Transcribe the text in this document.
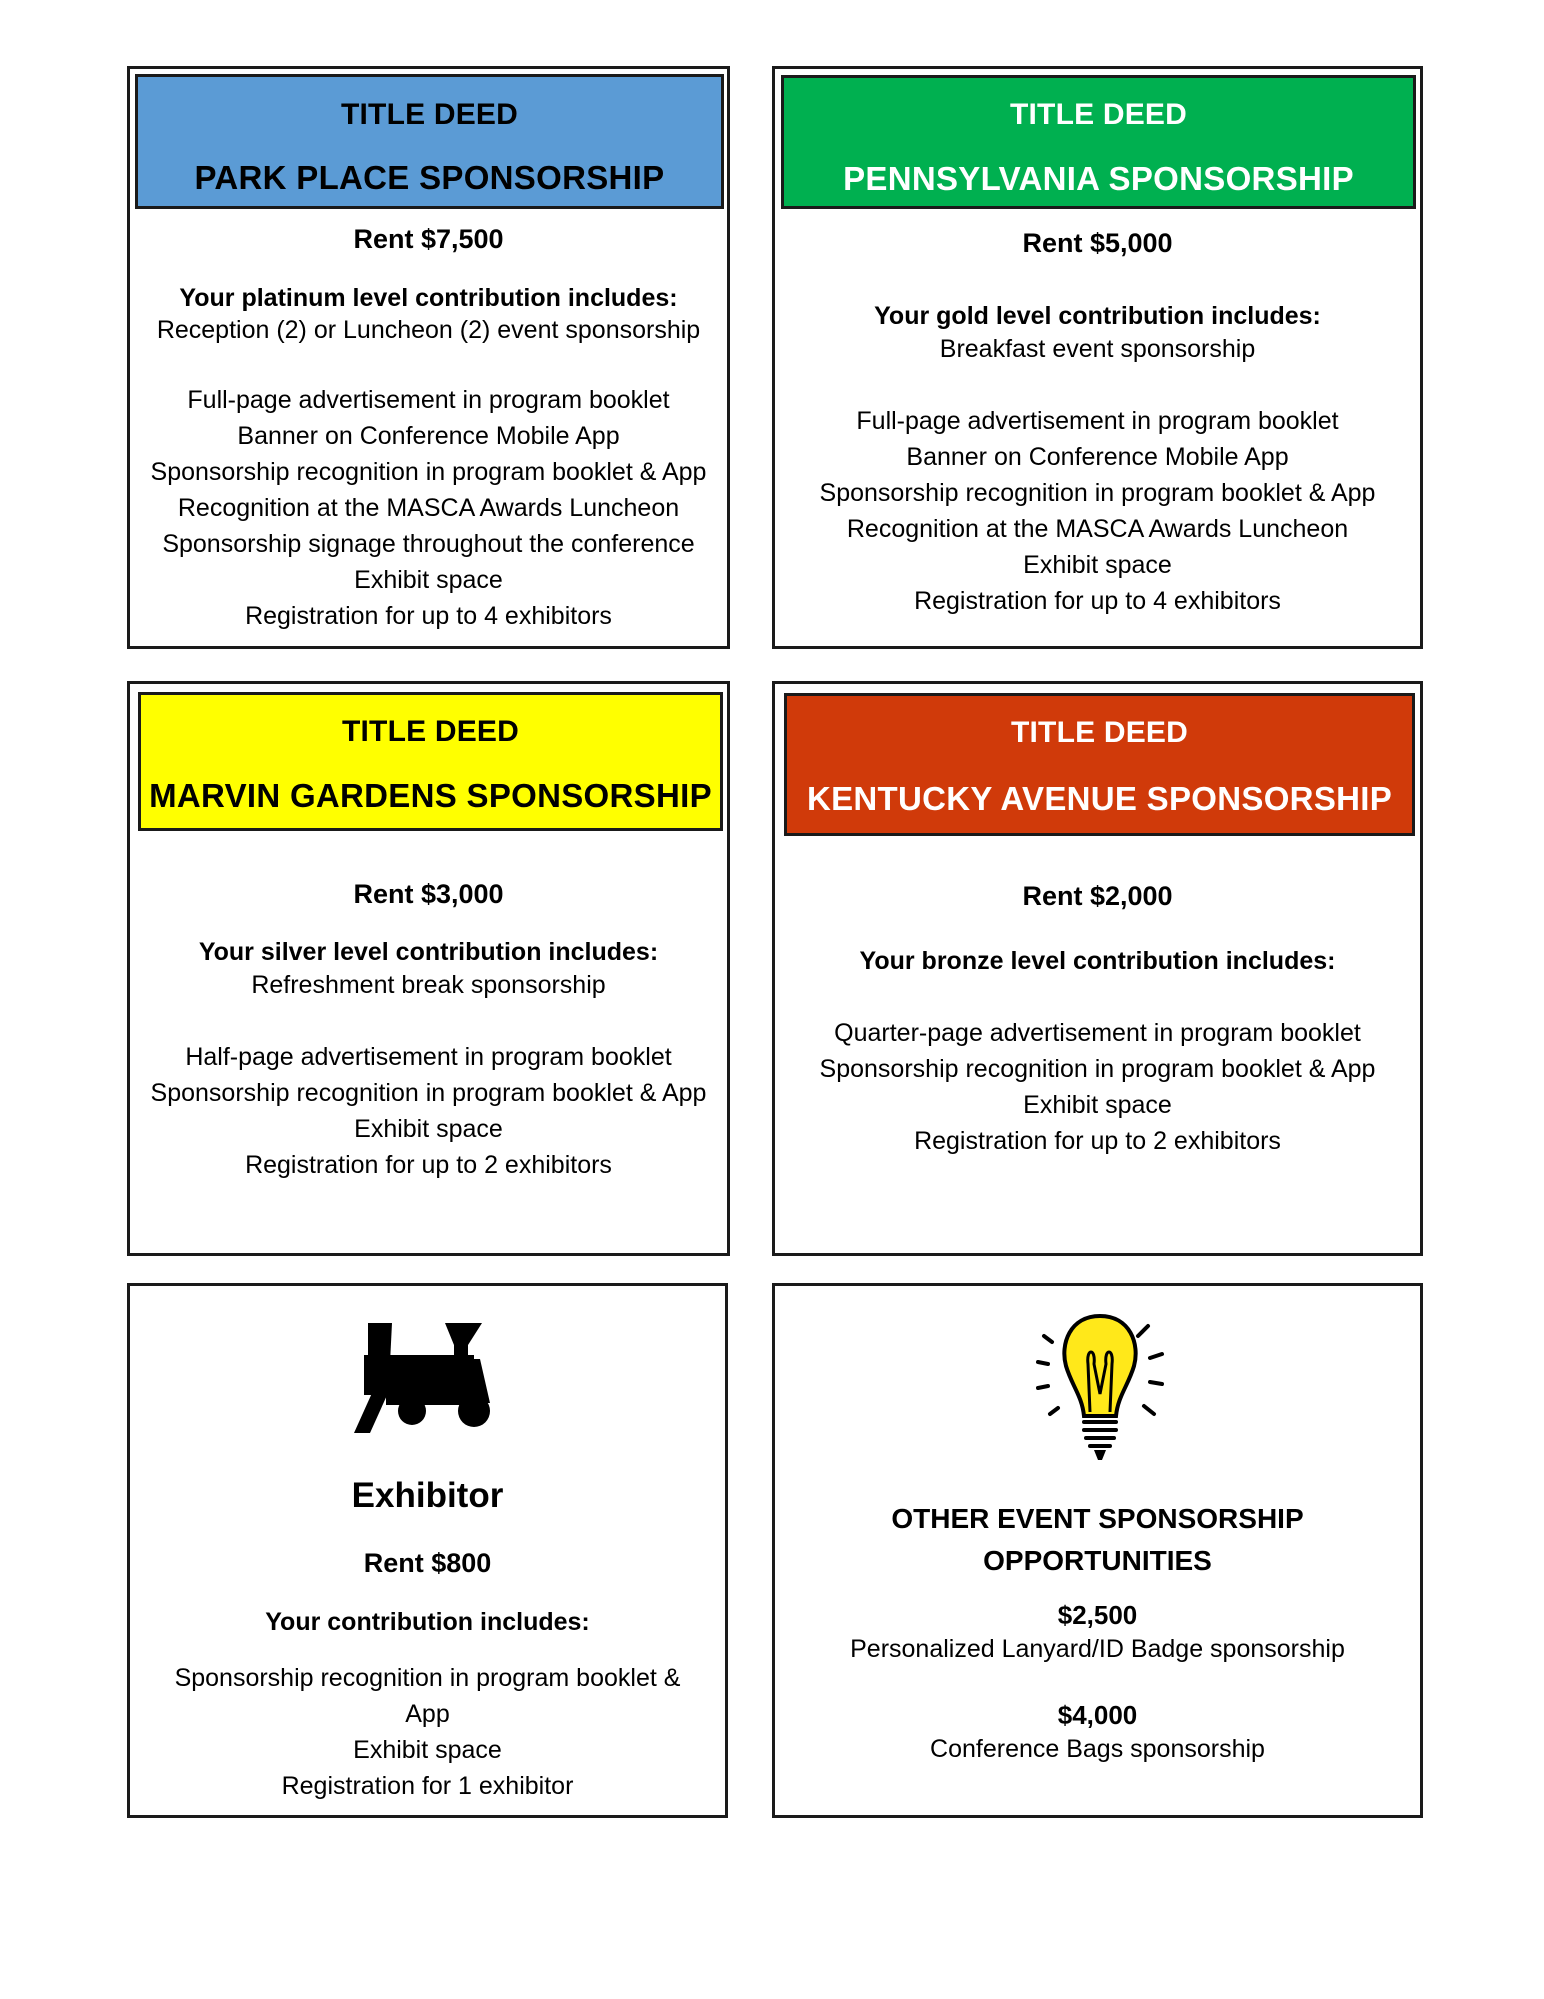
TITLE DEED
PARK PLACE SPONSORSHIP
Rent $7,500
Your platinum level contribution includes:
Reception (2) or Luncheon (2) event sponsorship
Full-page advertisement in program booklet
Banner on Conference Mobile App
Sponsorship recognition in program booklet & App
Recognition at the MASCA Awards Luncheon
Sponsorship signage throughout the conference
Exhibit space
Registration for up to 4 exhibitors
TITLE DEED
PENNSYLVANIA SPONSORSHIP
Rent $5,000
Your gold level contribution includes:
Breakfast event sponsorship
Full-page advertisement in program booklet
Banner on Conference Mobile App
Sponsorship recognition in program booklet & App
Recognition at the MASCA Awards Luncheon
Exhibit space
Registration for up to 4 exhibitors
TITLE DEED
MARVIN GARDENS SPONSORSHIP
Rent $3,000
Your silver level contribution includes:
Refreshment break sponsorship
Half-page advertisement in program booklet
Sponsorship recognition in program booklet & App
Exhibit space
Registration for up to 2 exhibitors
TITLE DEED
KENTUCKY AVENUE SPONSORSHIP
Rent $2,000
Your bronze level contribution includes:
Quarter-page advertisement in program booklet
Sponsorship recognition in program booklet & App
Exhibit space
Registration for up to 2 exhibitors
Exhibitor
Rent $800
Your contribution includes:
Sponsorship recognition in program booklet &
App
Exhibit space
Registration for 1 exhibitor
OTHER EVENT SPONSORSHIP
OPPORTUNITIES
$2,500
Personalized Lanyard/ID Badge sponsorship
$4,000
Conference Bags sponsorship
